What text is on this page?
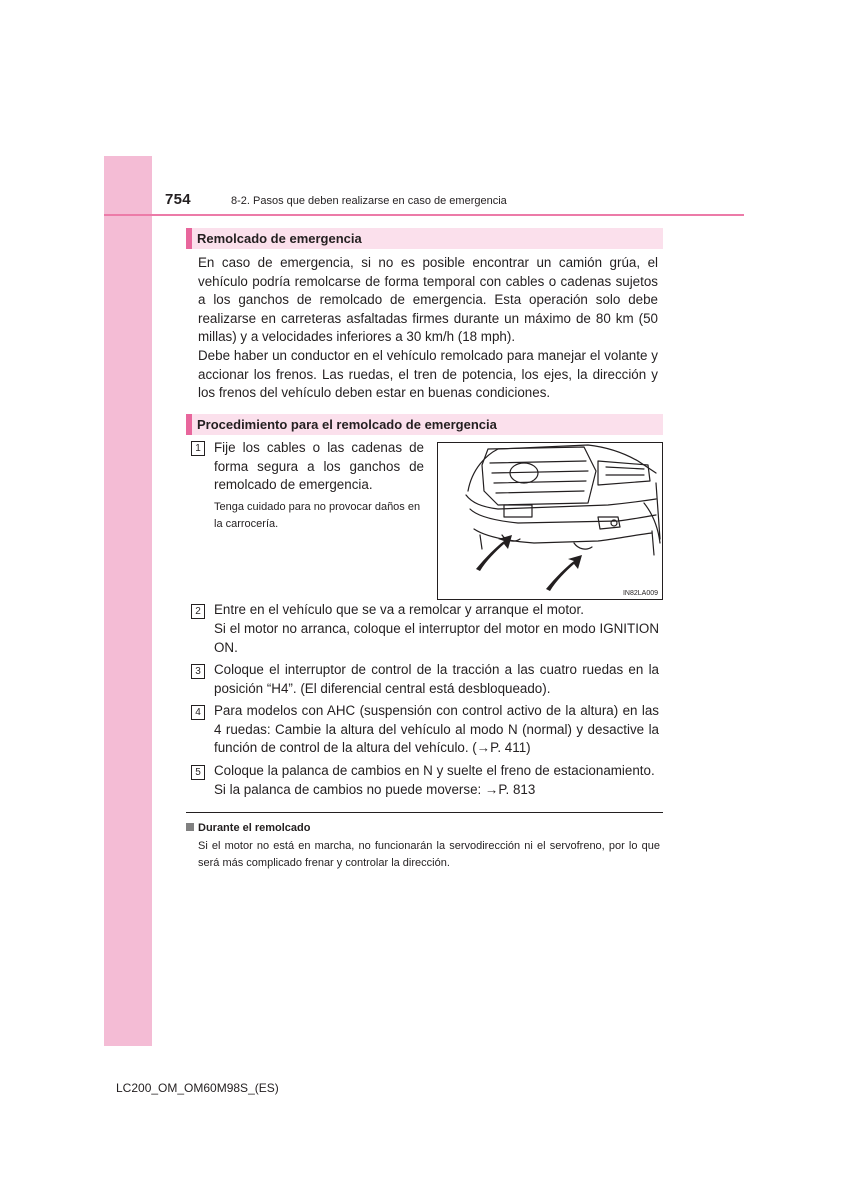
754	8-2. Pasos que deben realizarse en caso de emergencia
Remolcado de emergencia
En caso de emergencia, si no es posible encontrar un camión grúa, el vehículo podría remolcarse de forma temporal con cables o cadenas sujetos a los ganchos de remolcado de emergencia. Esta operación solo debe realizarse en carreteras asfaltadas firmes durante un máximo de 80 km (50 millas) y a velocidades inferiores a 30 km/h (18 mph).
Debe haber un conductor en el vehículo remolcado para manejar el volante y accionar los frenos. Las ruedas, el tren de potencia, los ejes, la dirección y los frenos del vehículo deben estar en buenas condiciones.
Procedimiento para el remolcado de emergencia
1 Fije los cables o las cadenas de forma segura a los ganchos de remolcado de emergencia.
Tenga cuidado para no provocar daños en la carrocería.
IN82LA009
2 Entre en el vehículo que se va a remolcar y arranque el motor.
Si el motor no arranca, coloque el interruptor del motor en modo IGNITION ON.
3 Coloque el interruptor de control de la tracción a las cuatro ruedas en la posición “H4”. (El diferencial central está desbloqueado).
4 Para modelos con AHC (suspensión con control activo de la altura) en las 4 ruedas: Cambie la altura del vehículo al modo N (normal) y desactive la función de control de la altura del vehículo. (→P. 411)
5 Coloque la palanca de cambios en N y suelte el freno de estacionamiento.
Si la palanca de cambios no puede moverse: →P. 813
Durante el remolcado
Si el motor no está en marcha, no funcionarán la servodirección ni el servofreno, por lo que será más complicado frenar y controlar la dirección.
LC200_OM_OM60M98S_(ES)
